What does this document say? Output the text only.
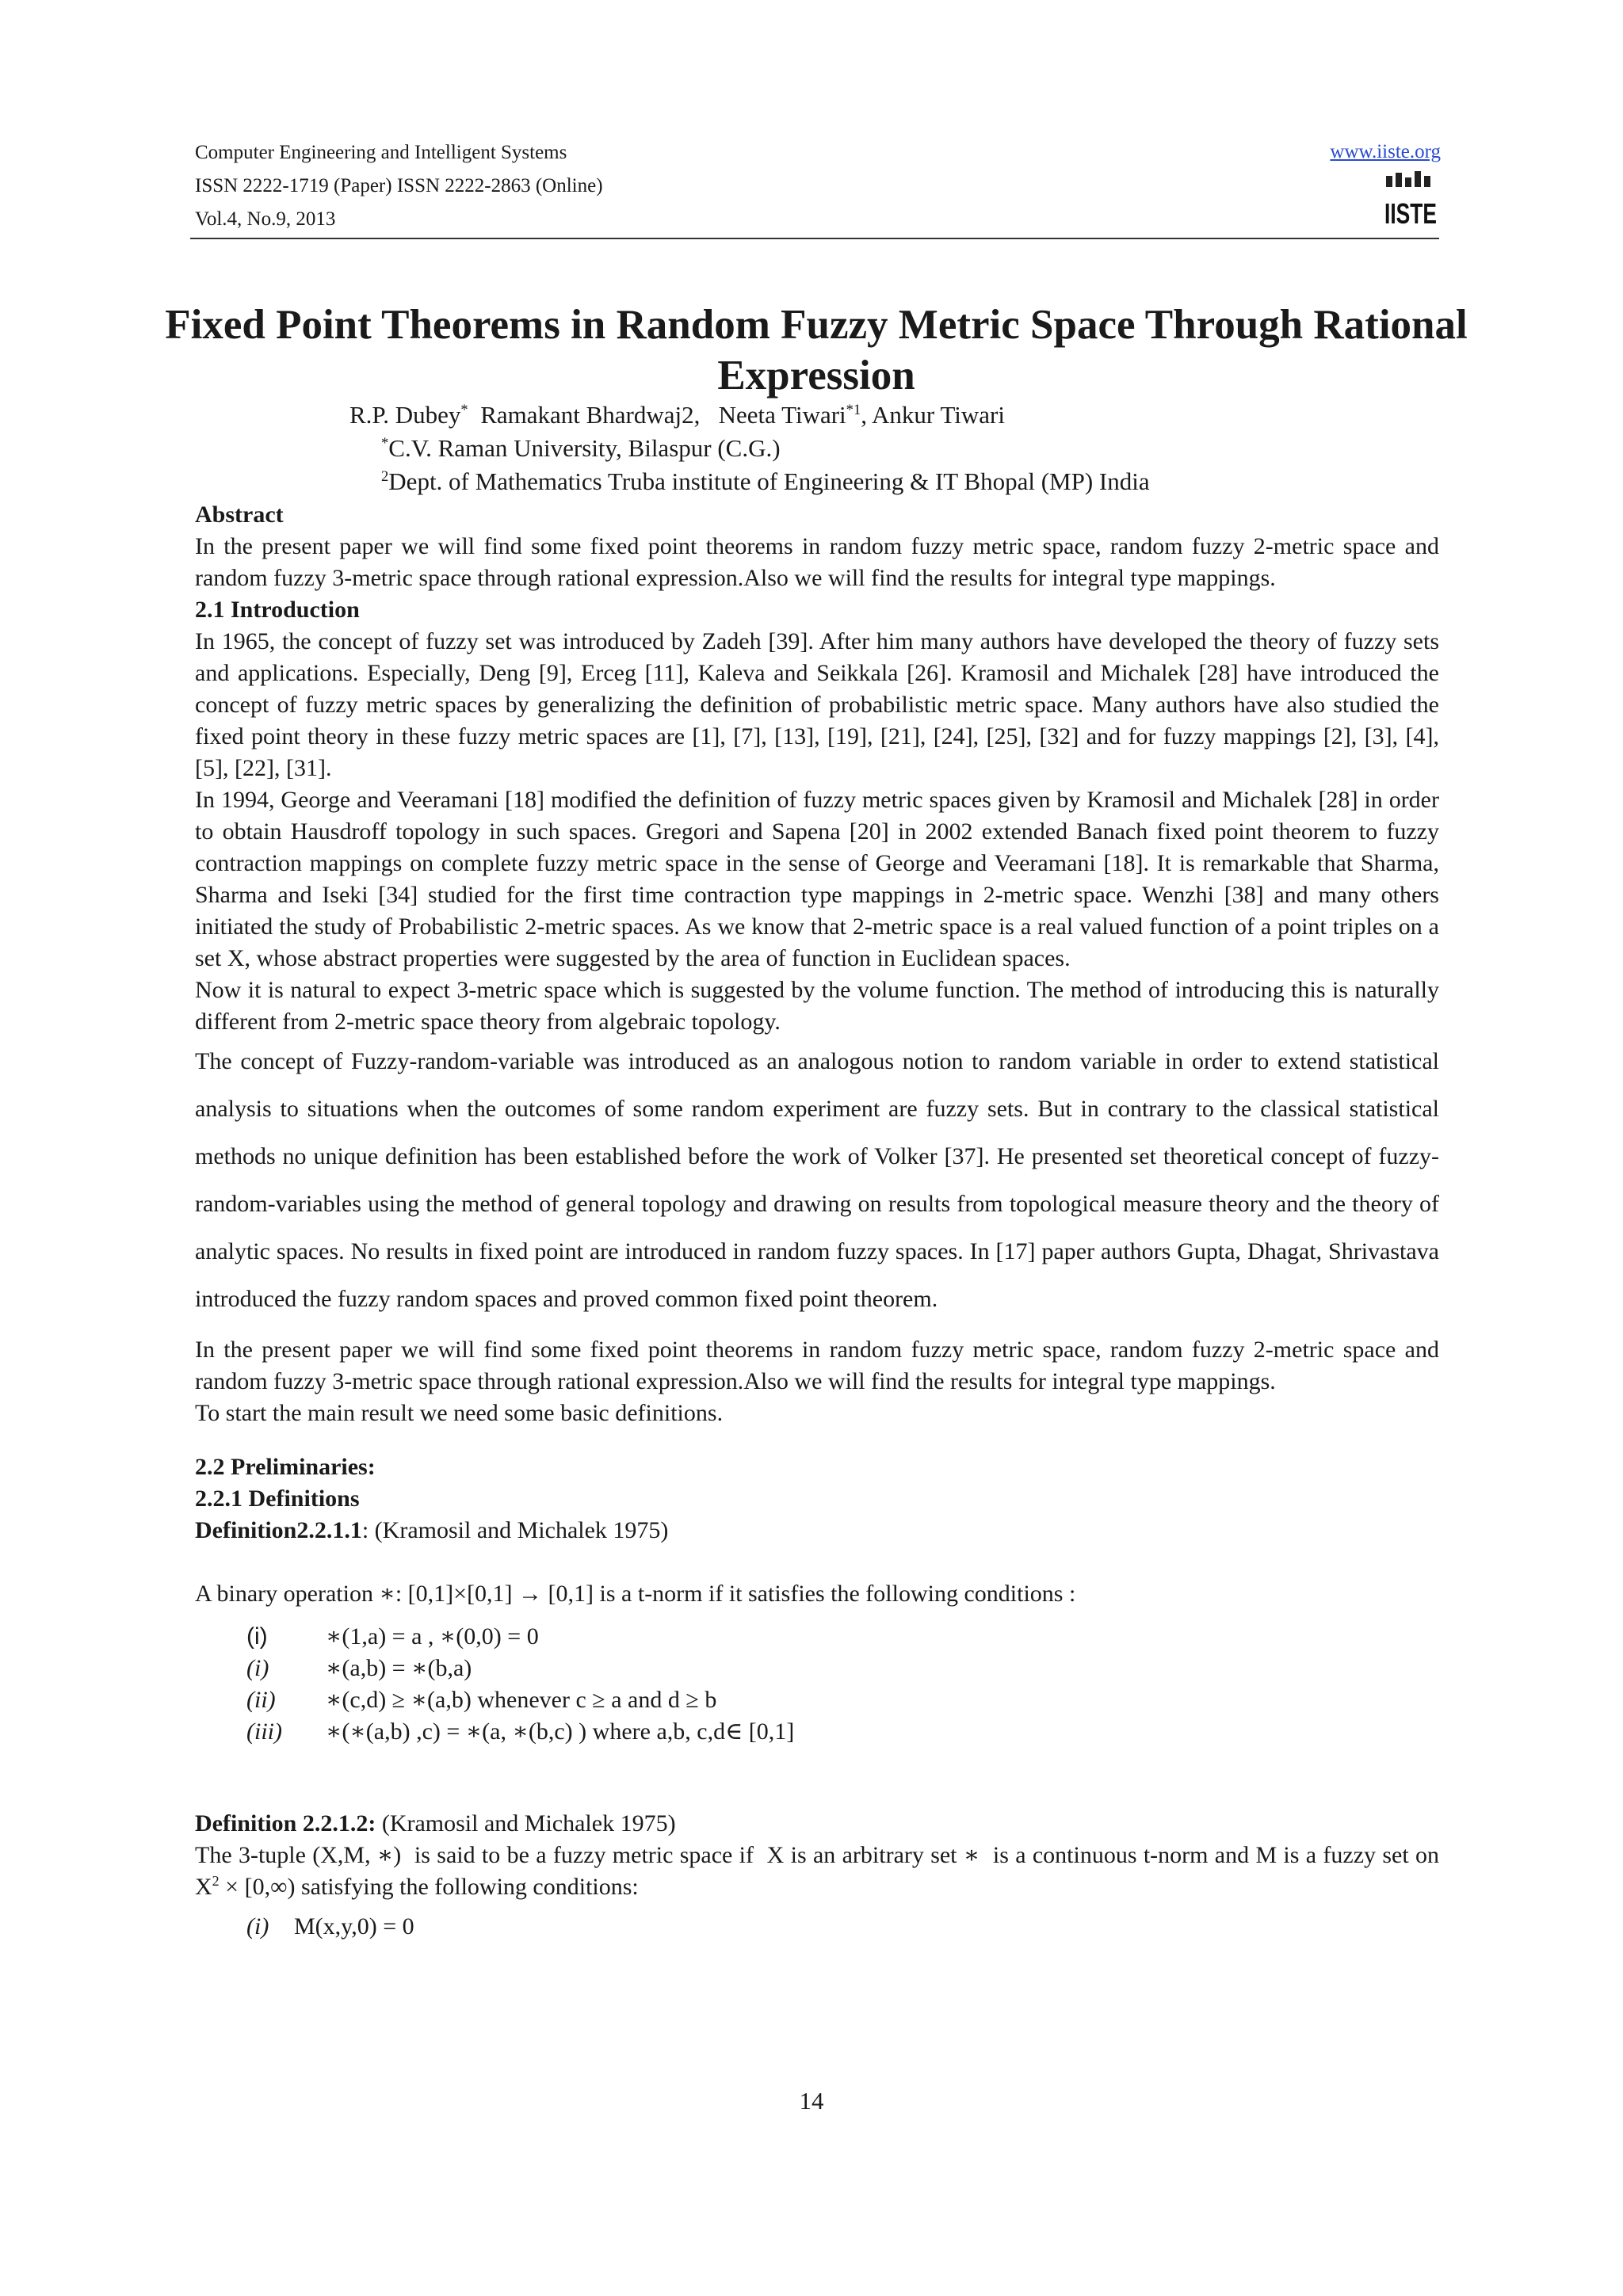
Computer Engineering and Intelligent Systems
ISSN 2222-1719 (Paper) ISSN 2222-2863 (Online)
Vol.4, No.9, 2013
www.iiste.org
IISTE
Fixed Point Theorems in Random Fuzzy Metric Space Through Rational Expression
R.P. Dubey*  Ramakant Bhardwaj2,   Neeta Tiwari$^{*1}$, Ankur Tiwari
*C.V. Raman University, Bilaspur (C.G.)
$^2$Dept. of Mathematics Truba institute of Engineering & IT Bhopal (MP) India

Abstract

In the present paper we will find some fixed point theorems in random fuzzy metric space, random fuzzy 2-metric space and random fuzzy 3-metric space through rational expression.Also we will find the results for integral type mappings.

2.1 Introduction

In 1965, the concept of fuzzy set was introduced by Zadeh [39]. After him many authors have developed the theory of fuzzy sets and applications. Especially, Deng [9], Erceg [11], Kaleva and Seikkala [26]. Kramosil and Michalek [28] have introduced the concept of fuzzy metric spaces by generalizing the definition of probabilistic metric space. Many authors have also studied the fixed point theory in these fuzzy metric spaces are [1], [7], [13], [19], [21], [24], [25], [32] and for fuzzy mappings [2], [3], [4], [5], [22], [31].

In 1994, George and Veeramani [18] modified the definition of fuzzy metric spaces given by Kramosil and Michalek [28] in order to obtain Hausdroff topology in such spaces. Gregori and Sapena [20] in 2002 extended Banach fixed point theorem to fuzzy contraction mappings on complete fuzzy metric space in the sense of George and Veeramani [18]. It is remarkable that Sharma, Sharma and Iseki [34] studied for the first time contraction type mappings in 2-metric space. Wenzhi [38] and many others initiated the study of Probabilistic 2-metric spaces. As we know that 2-metric space is a real valued function of a point triples on a set X, whose abstract properties were suggested by the area of function in Euclidean spaces.

Now it is natural to expect 3-metric space which is suggested by the volume function. The method of introducing this is naturally different from 2-metric space theory from algebraic topology.

The concept of Fuzzy-random-variable was introduced as an analogous notion to random variable in order to extend statistical analysis to situations when the outcomes of some random experiment are fuzzy sets. But in contrary to the classical statistical methods no unique definition has been established before the work of Volker [37]. He presented set theoretical concept of fuzzy-random-variables using the method of general topology and drawing on results from topological measure theory and the theory of analytic spaces. No results in fixed point are introduced in random fuzzy spaces. In [17] paper authors Gupta, Dhagat, Shrivastava introduced the fuzzy random spaces and proved common fixed point theorem.

In the present paper we will find some fixed point theorems in random fuzzy metric space, random fuzzy 2-metric space and random fuzzy 3-metric space through rational expression.Also we will find the results for integral type mappings.

To start the main result we need some basic definitions.

2.2 Preliminaries:

2.2.1 Definitions

Definition2.2.1.1: (Kramosil and Michalek 1975)

A binary operation ∗: [0,1]×[0,1] → [0,1] is a t-norm if it satisfies the following conditions :

(i)	∗(1,a) = a , ∗(0,0) = 0
(i)	∗(a,b) = ∗(b,a)
(ii)	∗(c,d) ≥ ∗(a,b) whenever c ≥ a and d ≥ b
(iii)	∗(∗(a,b) ,c) = ∗(a, ∗(b,c) ) where a,b, c,d∈ [0,1]

Definition 2.2.1.2: (Kramosil and Michalek 1975)

The 3-tuple (X,M, ∗)  is said to be a fuzzy metric space if  X is an arbitrary set ∗  is a continuous t-norm and M is a fuzzy set on $X^2 \times [0,\infty)$ satisfying the following conditions:

(i)	M(x,y,0) = 0
14
